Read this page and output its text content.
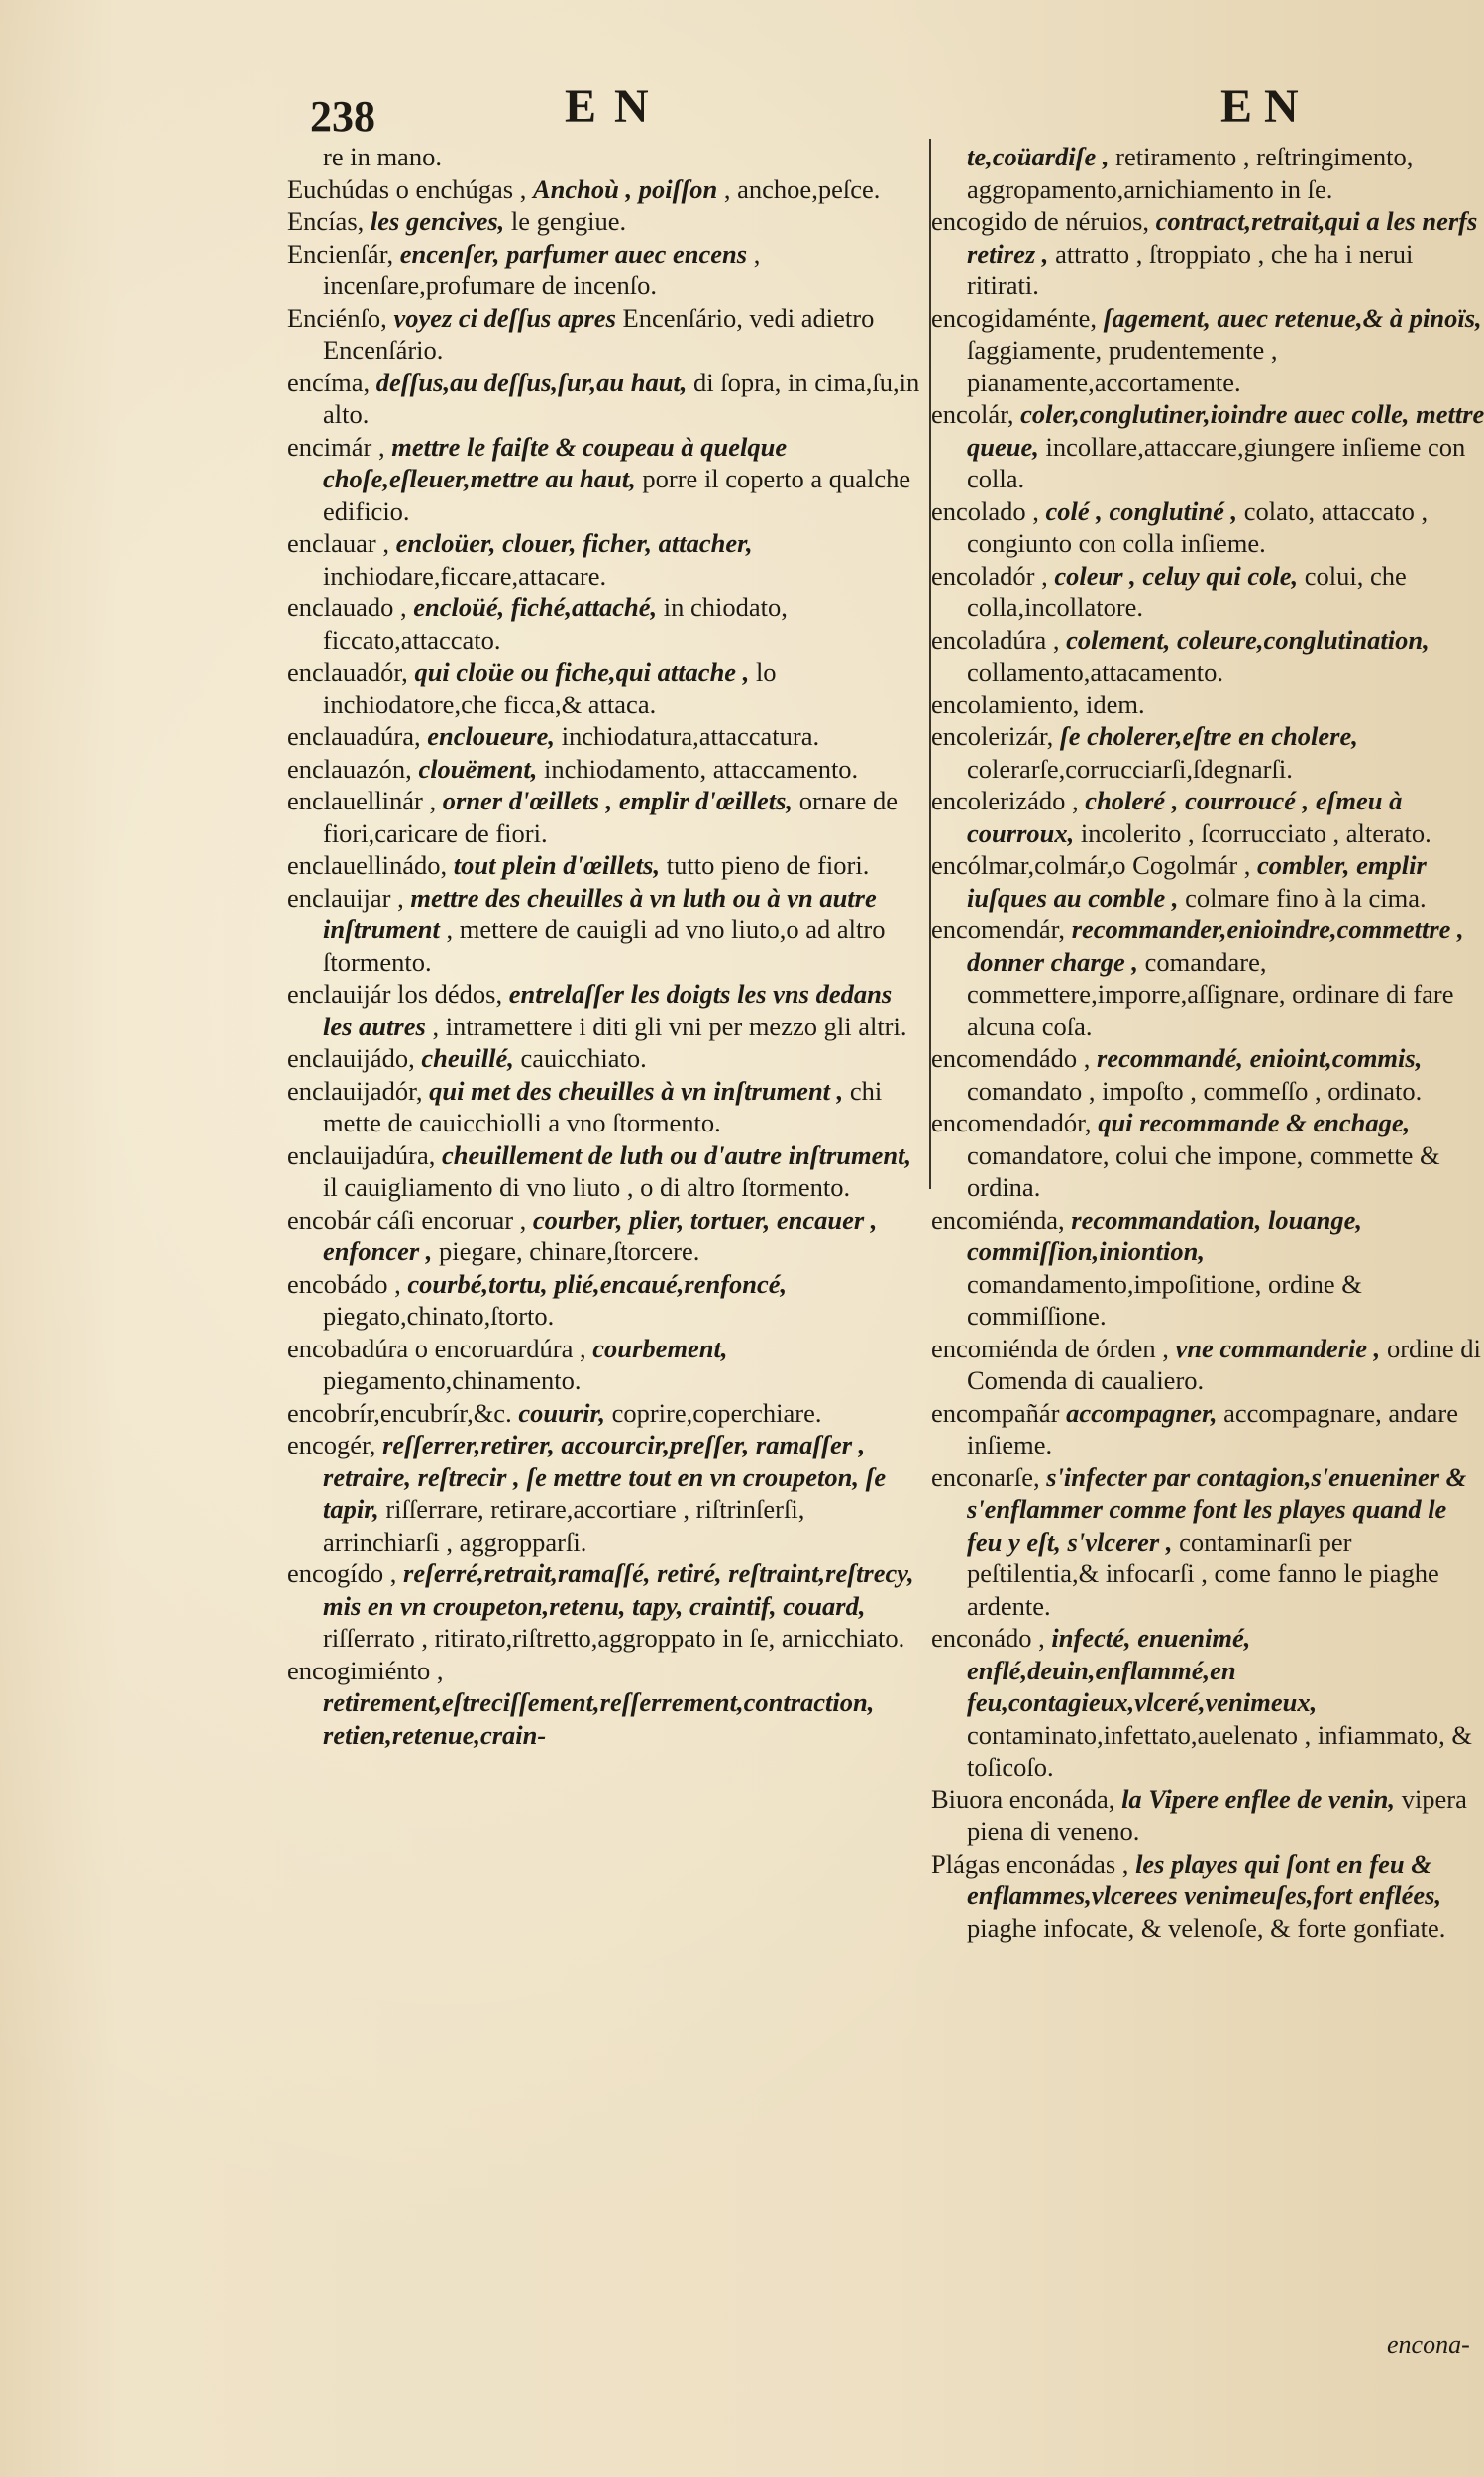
238	EN	EN

re in mano.

Euchúdas o enchúgas , Anchoù , poiſſon , anchoe,peſce.

Encías, les gencives, le gengiue.

Encienſár, encenſer, parfumer auec encens , incenſare,profumare de incenſo.

Enciénſo, voyez ci deſſus apres Encenſário, vedi adietro Encenſário.

encíma, deſſus,au deſſus,ſur,au haut, di ſopra, in cima,ſu,in alto.

encimár , mettre le faiſte & coupeau à quelque choſe,eſleuer,mettre au haut, porre il coperto a qualche edificio.

enclauar , encloüer, clouer, ficher, attacher, inchiodare,ficcare,attacare.

enclauado , encloüé, fiché,attaché, in chiodato, ficcato,attaccato.

enclauadór, qui cloüe ou fiche,qui attache , lo inchiodatore,che ficca,& attaca.

enclauadúra, encloueure, inchiodatura,attaccatura.

enclauazón, clouëment, inchiodamento, attaccamento.

enclauellinár , orner d'œillets , emplir d'œillets, ornare de fiori,caricare de fiori.

enclauellinádo, tout plein d'œillets, tutto pieno de fiori.

enclauijar , mettre des cheuilles à vn luth ou à vn autre inſtrument , mettere de cauigli ad vno liuto,o ad altro ſtormento.

enclauijár los dédos, entrelaſſer les doigts les vns dedans les autres , intramettere i diti gli vni per mezzo gli altri.

enclauijádo, cheuillé, cauicchiato.

enclauijadór, qui met des cheuilles à vn inſtrument , chi mette de cauicchiolli a vno ſtormento.

enclauijadúra, cheuillement de luth ou d'autre inſtrument, il cauigliamento di vno liuto , o di altro ſtormento.

encobár cáſi encoruar , courber, plier, tortuer, encauer , enfoncer , piegare, chinare,ſtorcere.

encobádo , courbé,tortu, plié,encaué,renfoncé, piegato,chinato,ſtorto.

encobadúra o encoruardúra , courbement, piegamento,chinamento.

encobrír,encubrír,&c. couurir, coprire,coperchiare.

encogér, reſſerrer,retirer, accourcir,preſſer, ramaſſer , retraire, reſtrecir , ſe mettre tout en vn croupeton, ſe tapir, riſſerrare, retirare,accortiare , riſtrinſerſi, arrinchiarſi , aggropparſi.

encogído , reſerré,retrait,ramaſſé, retiré, reſtraint,reſtrecy, mis en vn croupeton,retenu, tapy, craintif, couard, riſſerrato , ritirato,riſtretto,aggroppato in ſe, arnicchiato.

encogimiénto , retirement,eſtreciſſement,reſſerrement,contraction, retien,retenue,crain-

te,coüardiſe , retiramento , reſtringimento, aggropamento,arnichiamento in ſe.

encogido de néruios, contract,retrait,qui a les nerfs retirez , attratto , ſtroppiato , che ha i nerui ritirati.

encogidaménte, ſagement, auec retenue,& à pinoïs, ſaggiamente, prudentemente , pianamente,accortamente.

encolár, coler,conglutiner,ioindre auec colle, mettre queue, incollare,attaccare,giungere inſieme con colla.

encolado , colé , conglutiné , colato, attaccato , congiunto con colla inſieme.

encoladór , coleur , celuy qui cole, colui, che colla,incollatore.

encoladúra , colement, coleure,conglutination, collamento,attacamento.

encolamiento, idem.

encolerizár, ſe cholerer,eſtre en cholere, colerarſe,corrucciarſi,ſdegnarſi.

encolerizádo , choleré , courroucé , eſmeu à courroux, incolerito , ſcorrucciato , alterato.

encólmar,colmár,o Cogolmár , combler, emplir iuſques au comble , colmare fino à la cima.

encomendár, recommander,enioindre,commettre , donner charge , comandare, commettere,imporre,aſſignare, ordinare di fare alcuna coſa.

encomendádo , recommandé, enioint,commis, comandato , impoſto , commeſſo , ordinato.

encomendadór, qui recommande & enchage, comandatore, colui che impone, commette & ordina.

encomiénda, recommandation, louange, commiſſion,iniontion, comandamento,impoſitione, ordine & commiſſione.

encomiénda de órden , vne commanderie , ordine di Comenda di caualiero.

encompañár accompagner, accompagnare, andare inſieme.

enconarſe, s'infecter par contagion,s'enueniner & s'enflammer comme font les playes quand le feu y eſt, s'vlcerer , contaminarſi per peſtilentia,& infocarſi , come fanno le piaghe ardente.

enconádo , infecté, enuenimé, enflé,deuin,enflammé,en feu,contagieux,vlceré,venimeux, contaminato,infettato,auelenato , infiammato, & toſicoſo.

Biuora enconáda, la Vipere enflee de venin, vipera piena di veneno.

Plágas enconádas , les playes qui ſont en feu & enflammes,vlcerees venimeuſes,fort enflées, piaghe infocate, & velenoſe, & forte gonfiate.

encona-
